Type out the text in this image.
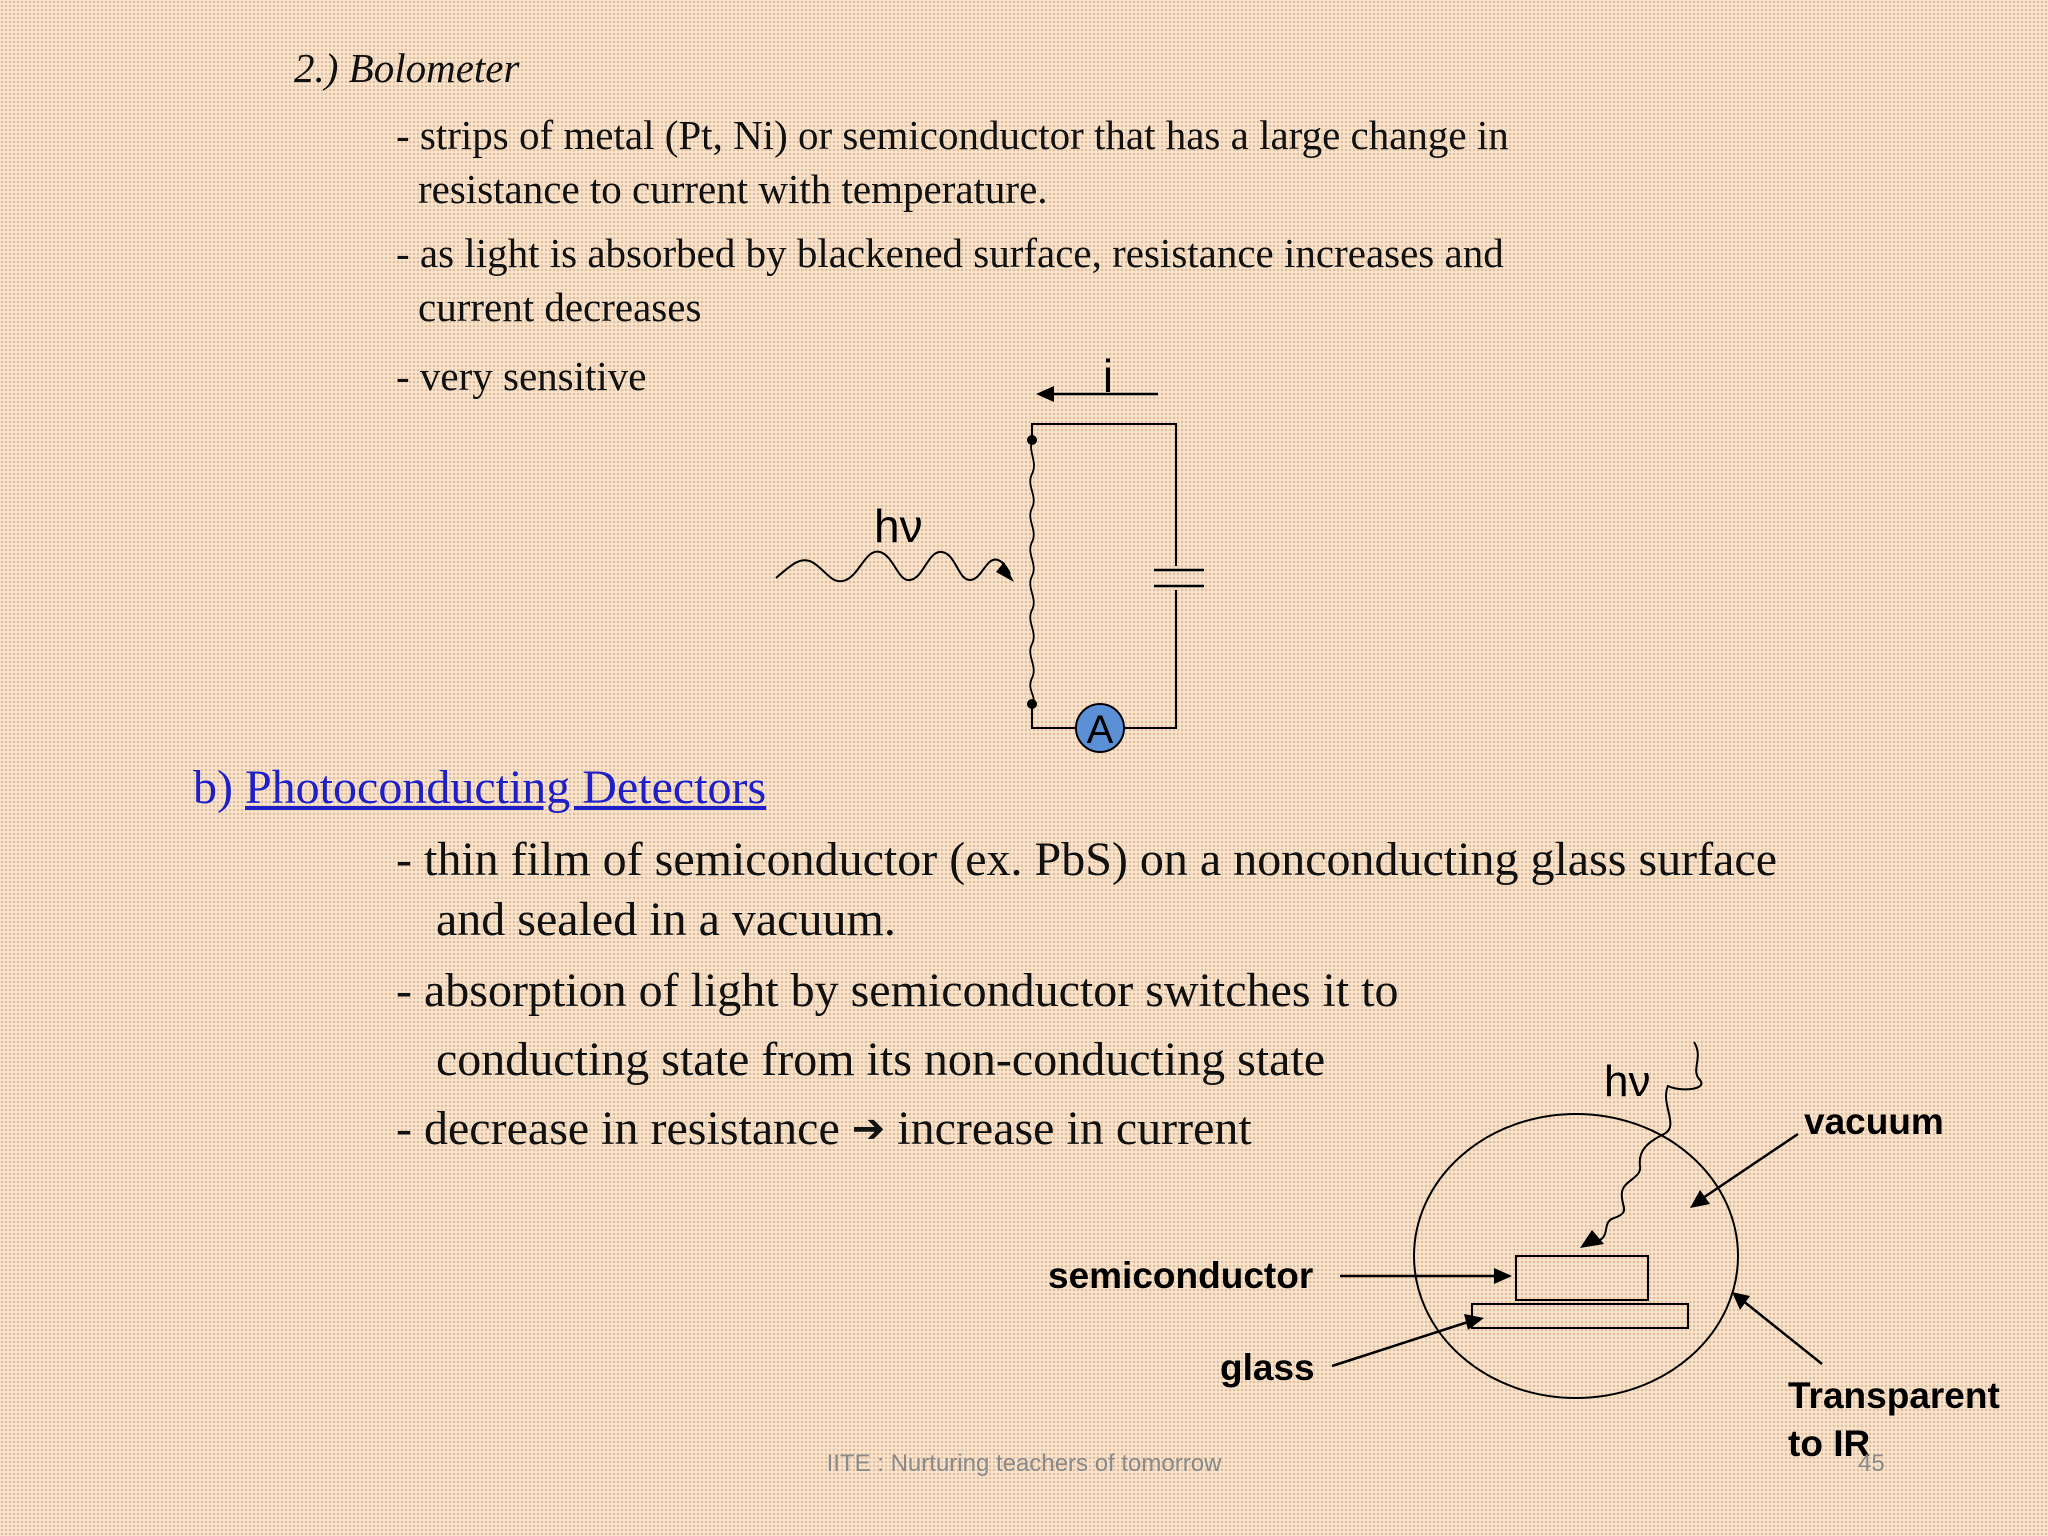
2.) Bolometer
- strips of metal (Pt, Ni) or semiconductor that has a large change in
resistance to current with temperature.
- as light is absorbed by blackened surface, resistance increases and
current decreases
- very sensitive	i
A
hν
b) Photoconducting Detectors
- thin film of semiconductor (ex. PbS) on a nonconducting glass surface
and sealed in a vacuum.
- absorption of light by semiconductor switches it to
conducting state from its non-conducting state
- decrease in resistance ➔ increase in current
hν
vacuum
semiconductor
glass
Transparent
to IR
IITE : Nurturing teachers of tomorrow	45
